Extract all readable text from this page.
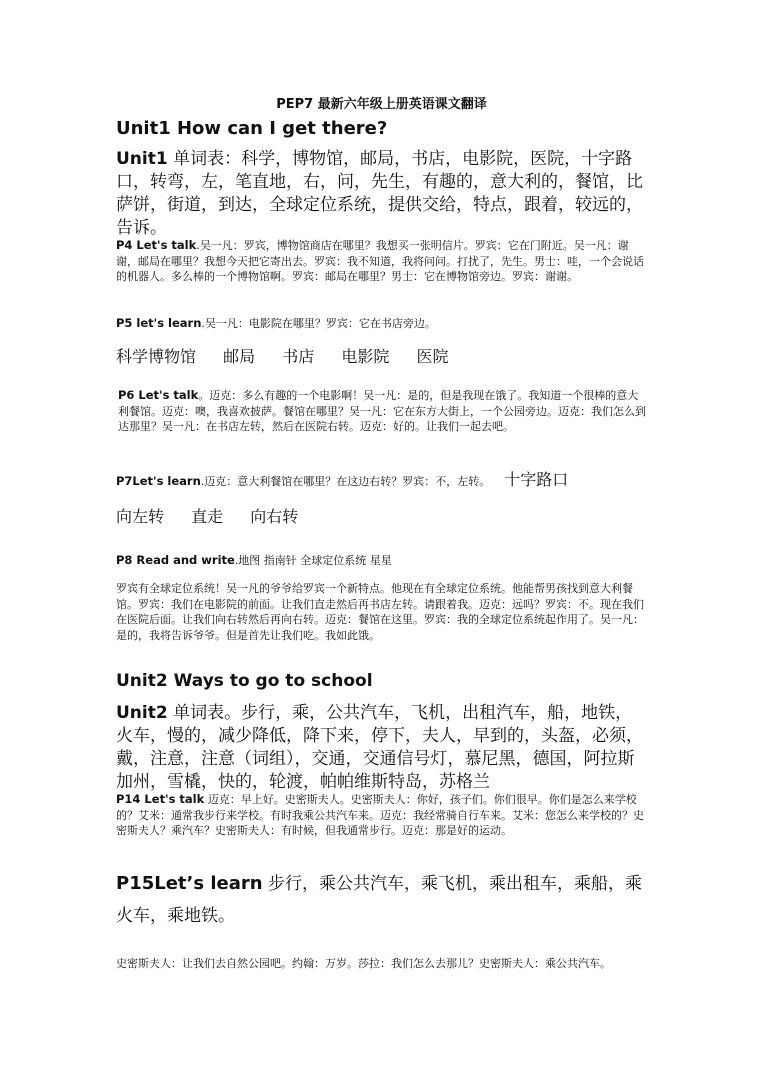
PEP7 最新六年级上册英语课文翻译

Unit1 How can I get there?

Unit1 单词表：科学，博物馆，邮局，书店，电影院，医院，十字路口，转弯，左，笔直地，右，问，先生，有趣的，意大利的，餐馆，比萨饼，街道，到达，全球定位系统，提供交给，特点，跟着，较远的，告诉。

P4 Let's talk.吴一凡：罗宾，博物馆商店在哪里？我想买一张明信片。罗宾：它在门附近。吴一凡：谢谢，邮局在哪里？我想今天把它寄出去。罗宾：我不知道，我将问问。打扰了，先生。男士：哇，一个会说话的机器人。多么棒的一个博物馆啊。罗宾：邮局在哪里？男士：它在博物馆旁边。罗宾：谢谢。

P5 let's learn.吴一凡：电影院在哪里？罗宾：它在书店旁边。

科学博物馆 邮局 书店 电影院 医院

P6 Let's talk。迈克：多么有趣的一个电影啊！吴一凡：是的，但是我现在饿了。我知道一个很棒的意大利餐馆。迈克：噢，我喜欢披萨。餐馆在哪里？吴一凡：它在东方大街上，一个公园旁边。迈克：我们怎么到达那里？吴一凡：在书店左转，然后在医院右转。迈克：好的。让我们一起去吧。

P7Let's learn.迈克：意大利餐馆在哪里？在这边右转？罗宾：不，左转。 十字路口

向左转 直走 向右转

P8 Read and write.地图 指南针 全球定位系统 星星

罗宾有全球定位系统！吴一凡的爷爷给罗宾一个新特点。他现在有全球定位系统。他能帮男孩找到意大利餐馆。罗宾：我们在电影院的前面。让我们直走然后再书店左转。请跟着我。迈克：远吗？罗宾：不。现在我们在医院后面。让我们向右转然后再向右转。迈克：餐馆在这里。罗宾：我的全球定位系统起作用了。吴一凡：是的，我将告诉爷爷。但是首先让我们吃。我如此饿。

Unit2 Ways to go to school

Unit2 单词表。步行，乘，公共汽车，飞机，出租汽车，船，地铁，火车，慢的，减少降低，降下来，停下，夫人，早到的，头盔，必须，戴，注意，注意（词组），交通，交通信号灯，慕尼黑，德国，阿拉斯加州，雪橇，快的，轮渡，帕帕维斯特岛，苏格兰

P14 Let's talk 迈克：早上好。史密斯夫人。史密斯夫人：你好，孩子们。你们很早。你们是怎么来学校的？艾米：通常我步行来学校。有时我乘公共汽车来。迈克：我经常骑自行车来。艾米：您怎么来学校的？史密斯夫人？乘汽车？史密斯夫人：有时候，但我通常步行。迈克：那是好的运动。

P15Let’s learn 步行，乘公共汽车，乘飞机，乘出租车，乘船，乘火车，乘地铁。

史密斯夫人：让我们去自然公园吧。约翰：万岁。莎拉：我们怎么去那儿？史密斯夫人：乘公共汽车。
